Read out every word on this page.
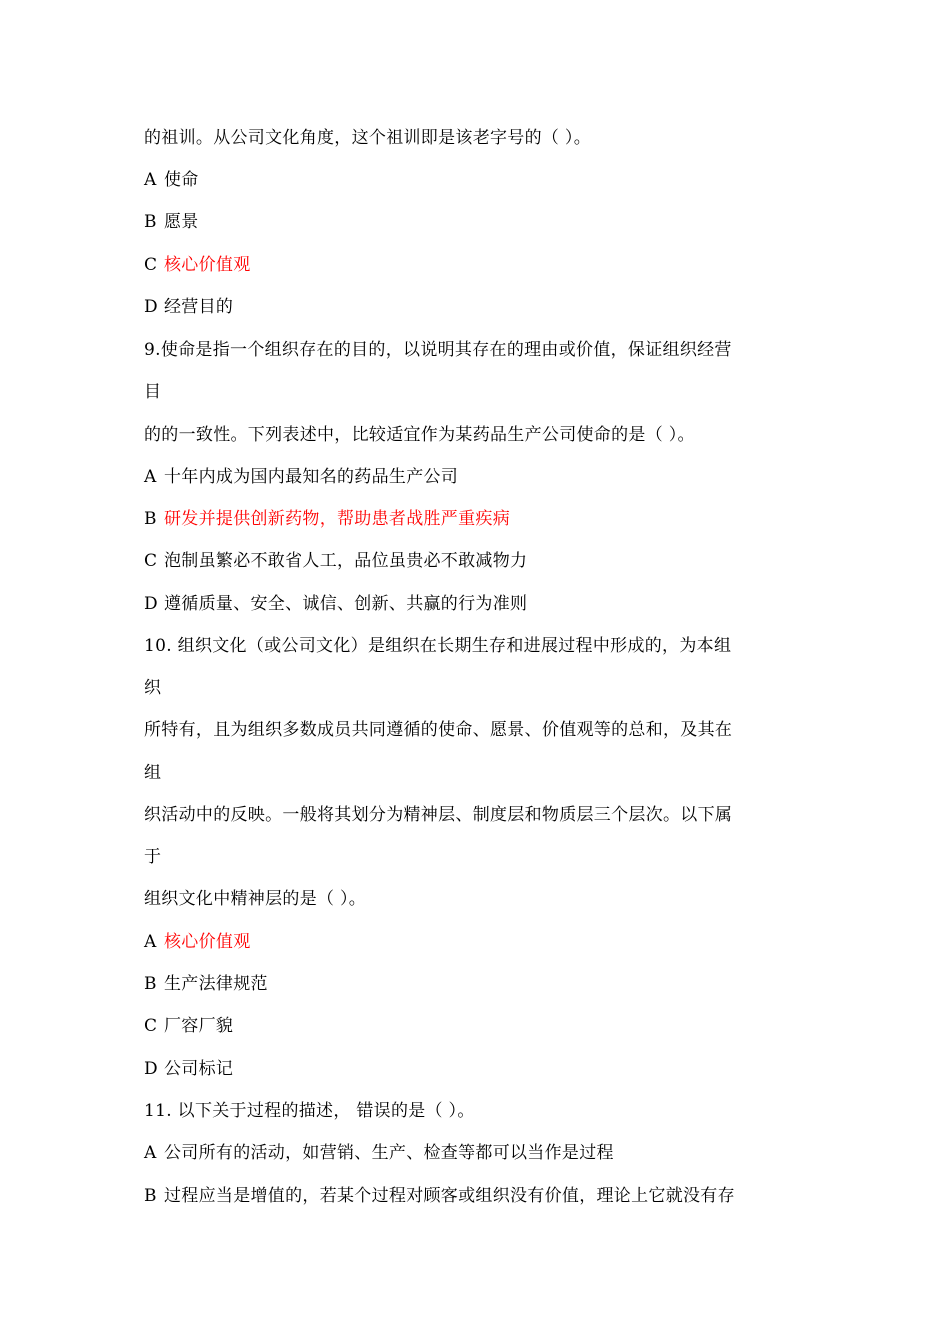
的祖训。从公司文化角度，这个祖训即是该老字号的（ ）。
A 使命
B 愿景
C 核心价值观
D 经营目的
9.使命是指一个组织存在的目的，以说明其存在的理由或价值，保证组织经营
目
的的一致性。下列表述中，比较适宜作为某药品生产公司使命的是（ ）。
A 十年内成为国内最知名的药品生产公司
B 研发并提供创新药物，帮助患者战胜严重疾病
C 泡制虽繁必不敢省人工，品位虽贵必不敢减物力
D 遵循质量、安全、诚信、创新、共赢的行为准则
10. 组织文化（或公司文化）是组织在长期生存和进展过程中形成的，为本组
织
所特有，且为组织多数成员共同遵循的使命、愿景、价值观等的总和，及其在
组
织活动中的反映。一般将其划分为精神层、制度层和物质层三个层次。以下属
于
组织文化中精神层的是（ ）。
A 核心价值观
B 生产法律规范
C 厂容厂貌
D 公司标记
11. 以下关于过程的描述， 错误的是（ ）。
A 公司所有的活动，如营销、生产、检查等都可以当作是过程
B 过程应当是增值的，若某个过程对顾客或组织没有价值，理论上它就没有存
